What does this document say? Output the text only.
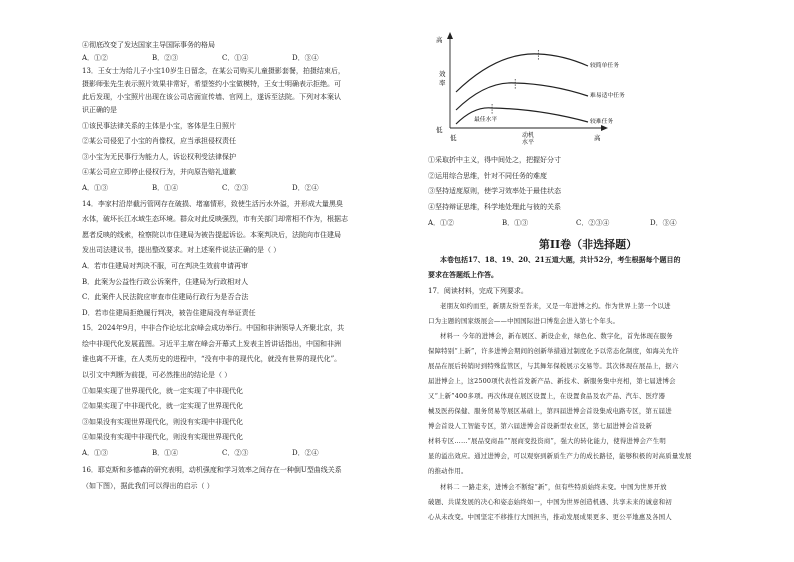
④彻底改变了发达国家主导国际事务的格局
A．①②	B．②③	C．①④	D．③④
13．王女士为给儿子小宝10岁生日留念，在某公司购买儿童摄影套餐，拍摄结束后，
摄影师张先生表示照片效果非常好，希望签约小宝做模特，王女士明确表示拒绝。可
此后发现，小宝照片出现在该公司店面宣传墙、官网上，遂诉至法院。下列对本案认
识正确的是
①该民事法律关系的主体是小宝，客体是生日照片
②某公司侵犯了小宝的肖像权，应当承担侵权责任
③小宝为无民事行为能力人，诉讼权利受法律保护
④某公司应立即停止侵权行为，并向原告赔礼道歉
A．①③	B．①④	C．②③	D．②④
14．李家村沿岸截污管网存在破损、堵塞情形，致使生活污水外溢，并形成大量黑臭
水体，破坏长江水域生态环境。群众对此反映强烈，市有关部门却常相不作为，根据志
愿者反映的线索，检察院以市住建局为被告提起诉讼。本案判决后，法院向市住建局
发出司法建议书，提出整改要求。对上述案件说法正确的是（ ）
A．若市住建局对判决不服，可在判决生效前申请再审
B．此案为公益性行政公诉案件，住建局为行政相对人
C．此案件人民法院应审查市住建局行政行为是否合法
D．若市住建局拒绝履行判决，被告住建局没有举证责任
15．2024年9月，中非合作论坛北京峰会成功举行。中国和非洲领导人齐聚北京，共
绘中非现代化发展蓝图。习近平主席在峰会开幕式上发表主旨讲话指出，中国和非洲
谁也离不开谁，在人类历史的进程中，“没有中非的现代化，就没有世界的现代化”。
以引文中判断为前提，可必然推出的结论是（ ）
①如果实现了世界现代化，就一定实现了中非现代化
②如果实现了中非现代化，就一定实现了世界现代化
③如果没有实现世界现代化，则没有实现中非现代化
④如果没有实现中非现代化，则没有实现世界现代化
A．①③	B．①④	C．②③	D．②④
16．耶克斯和多德森的研究表明，动机强度和学习效率之间存在一种倒U型曲线关系
（如下图），据此我们可以得出的启示（ ）
高
低
效
率
低	高
动机
水平
较简单任务
难易适中任务
较难任务
最佳水平
①采取折中主义，得中间处之，把握好分寸
②运用综合思维，针对不同任务的难度
③坚持适度原则，使学习效率处于最佳状态
④坚持辩证思维，科学地处理此与彼的关系
A．①②	B．①③	C．②③④	D．③④
第II卷（非选择题）
本卷包括17、18、19、20、21五道大题，共计52分，考生根据每个题目的
要求在答题纸上作答。
17．阅读材料，完成下列要求。
老朋友如约而至，新朋友纷至沓来，又是一年进博之约。作为世界上第一个以进
口为主题的国家级展会——中国国际进口博览会进入第七个年头。
材料一 今年的进博会，新布展区、新设企业，绿色化、数字化，首先体现在服务
保障特别“上新”，许多进博会期间的创新举措通过制度化予以常态化制度，如海关允许
展品在展后转销时到特殊监管区，与其舞年保税展示交易等。其次体现在展品上，据六
届进博会上，这2500项代表性首发新产品、新技术、新服务集中亮相，第七届进博会
又“上新”400多项。再次体现在展区设置上，在设置食品及农产品、汽车、医疗器
械及医药保健、服务贸易等展区基础上，第四届进博会首设集成电路专区，第五届进
博会首设人工智能专区，第六届进博会首设新型农业区，第七届进博会首设新
材料专区……“展品变商品”“展商变投资商”，强大的转化能力，使得进博会产生明
显的溢出效应。通过进博会，可以观察到新质生产力的成长路径，能够积极的对高质量发展
的推动作用。
材料二 一路走来，进博会不断绽“新”，但有些特质始终未变。中国为世界开放
破题、共谋发展的决心和姿态始终如一，中国为世界创造机遇、共享未来的诚意和初
心从未改变。中国坚定不移推行大国担当，推动发展成果更多、更公平地惠及各国人
